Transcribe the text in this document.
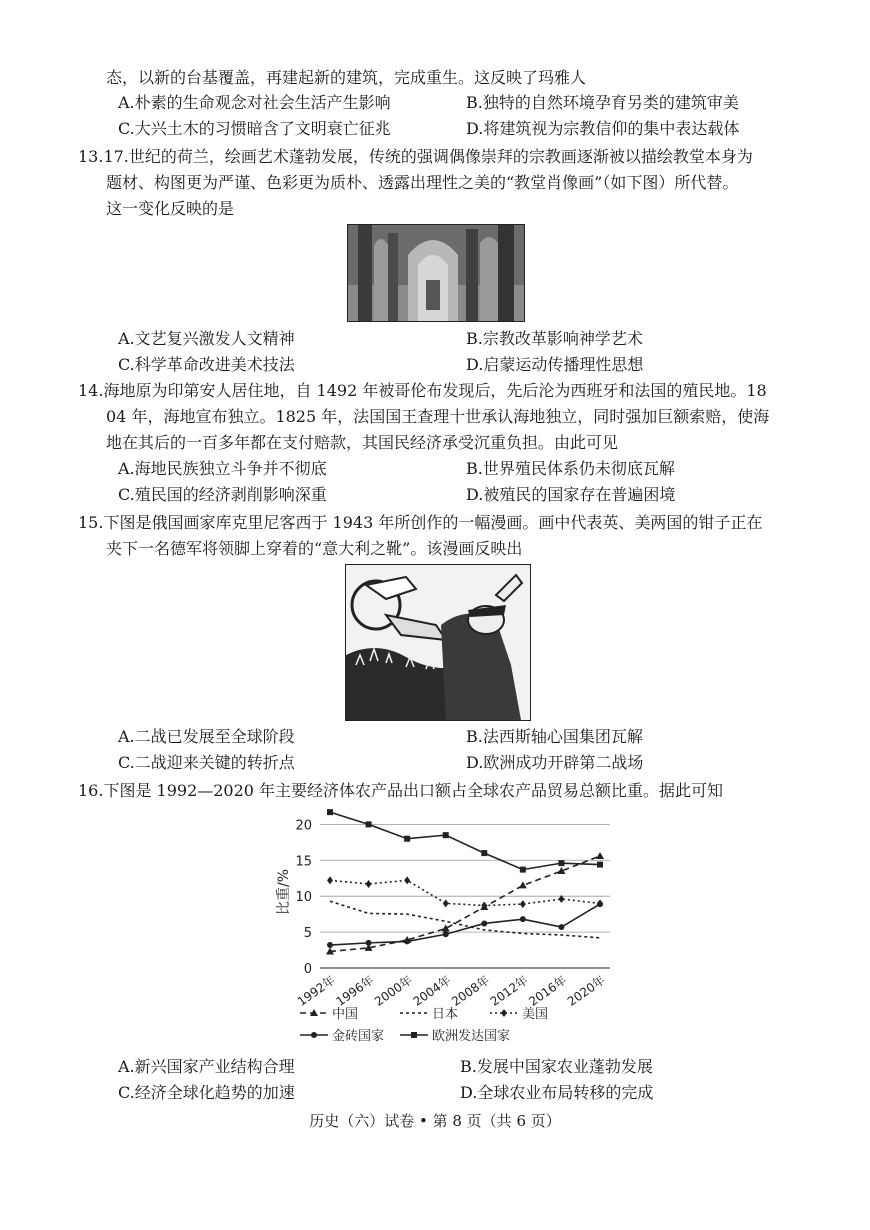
态，以新的台基覆盖，再建起新的建筑，完成重生。这反映了玛雅人
A.朴素的生命观念对社会生活产生影响	B.独特的自然环境孕育另类的建筑审美
C.大兴土木的习惯暗含了文明衰亡征兆	D.将建筑视为宗教信仰的集中表达载体
13.17.世纪的荷兰，绘画艺术蓬勃发展，传统的强调偶像崇拜的宗教画逐渐被以描绘教堂本身为
题材、构图更为严谨、色彩更为质朴、透露出理性之美的“教堂肖像画”（如下图）所代替。
这一变化反映的是
A.文艺复兴激发人文精神	B.宗教改革影响神学艺术
C.科学革命改进美术技法	D.启蒙运动传播理性思想
14.海地原为印第安人居住地，自 1492 年被哥伦布发现后，先后沦为西班牙和法国的殖民地。18
04 年，海地宣布独立。1825 年，法国国王查理十世承认海地独立，同时强加巨额索赔，使海
地在其后的一百多年都在支付赔款，其国民经济承受沉重负担。由此可见
A.海地民族独立斗争并不彻底	B.世界殖民体系仍未彻底瓦解
C.殖民国的经济剥削影响深重	D.被殖民的国家存在普遍困境
15.下图是俄国画家库克里尼客西于 1943 年所创作的一幅漫画。画中代表英、美两国的钳子正在
夹下一名德军将领脚上穿着的“意大利之靴”。该漫画反映出
A.二战已发展至全球阶段	B.法西斯轴心国集团瓦解
C.二战迎来关键的转折点	D.欧洲成功开辟第二战场
16.下图是 1992—2020 年主要经济体农产品出口额占全球农产品贸易总额比重。据此可知
0
5
10
15
20
1992年
1996年
2000年
2004年
2008年
2012年
2016年
2020年
比重/%
中国	日本	美国
金砖国家	欧洲发达国家
A.新兴国家产业结构合理	B.发展中国家农业蓬勃发展
C.经济全球化趋势的加速	D.全球农业布局转移的完成
历史（六）试卷 • 第 8 页（共 6 页）
